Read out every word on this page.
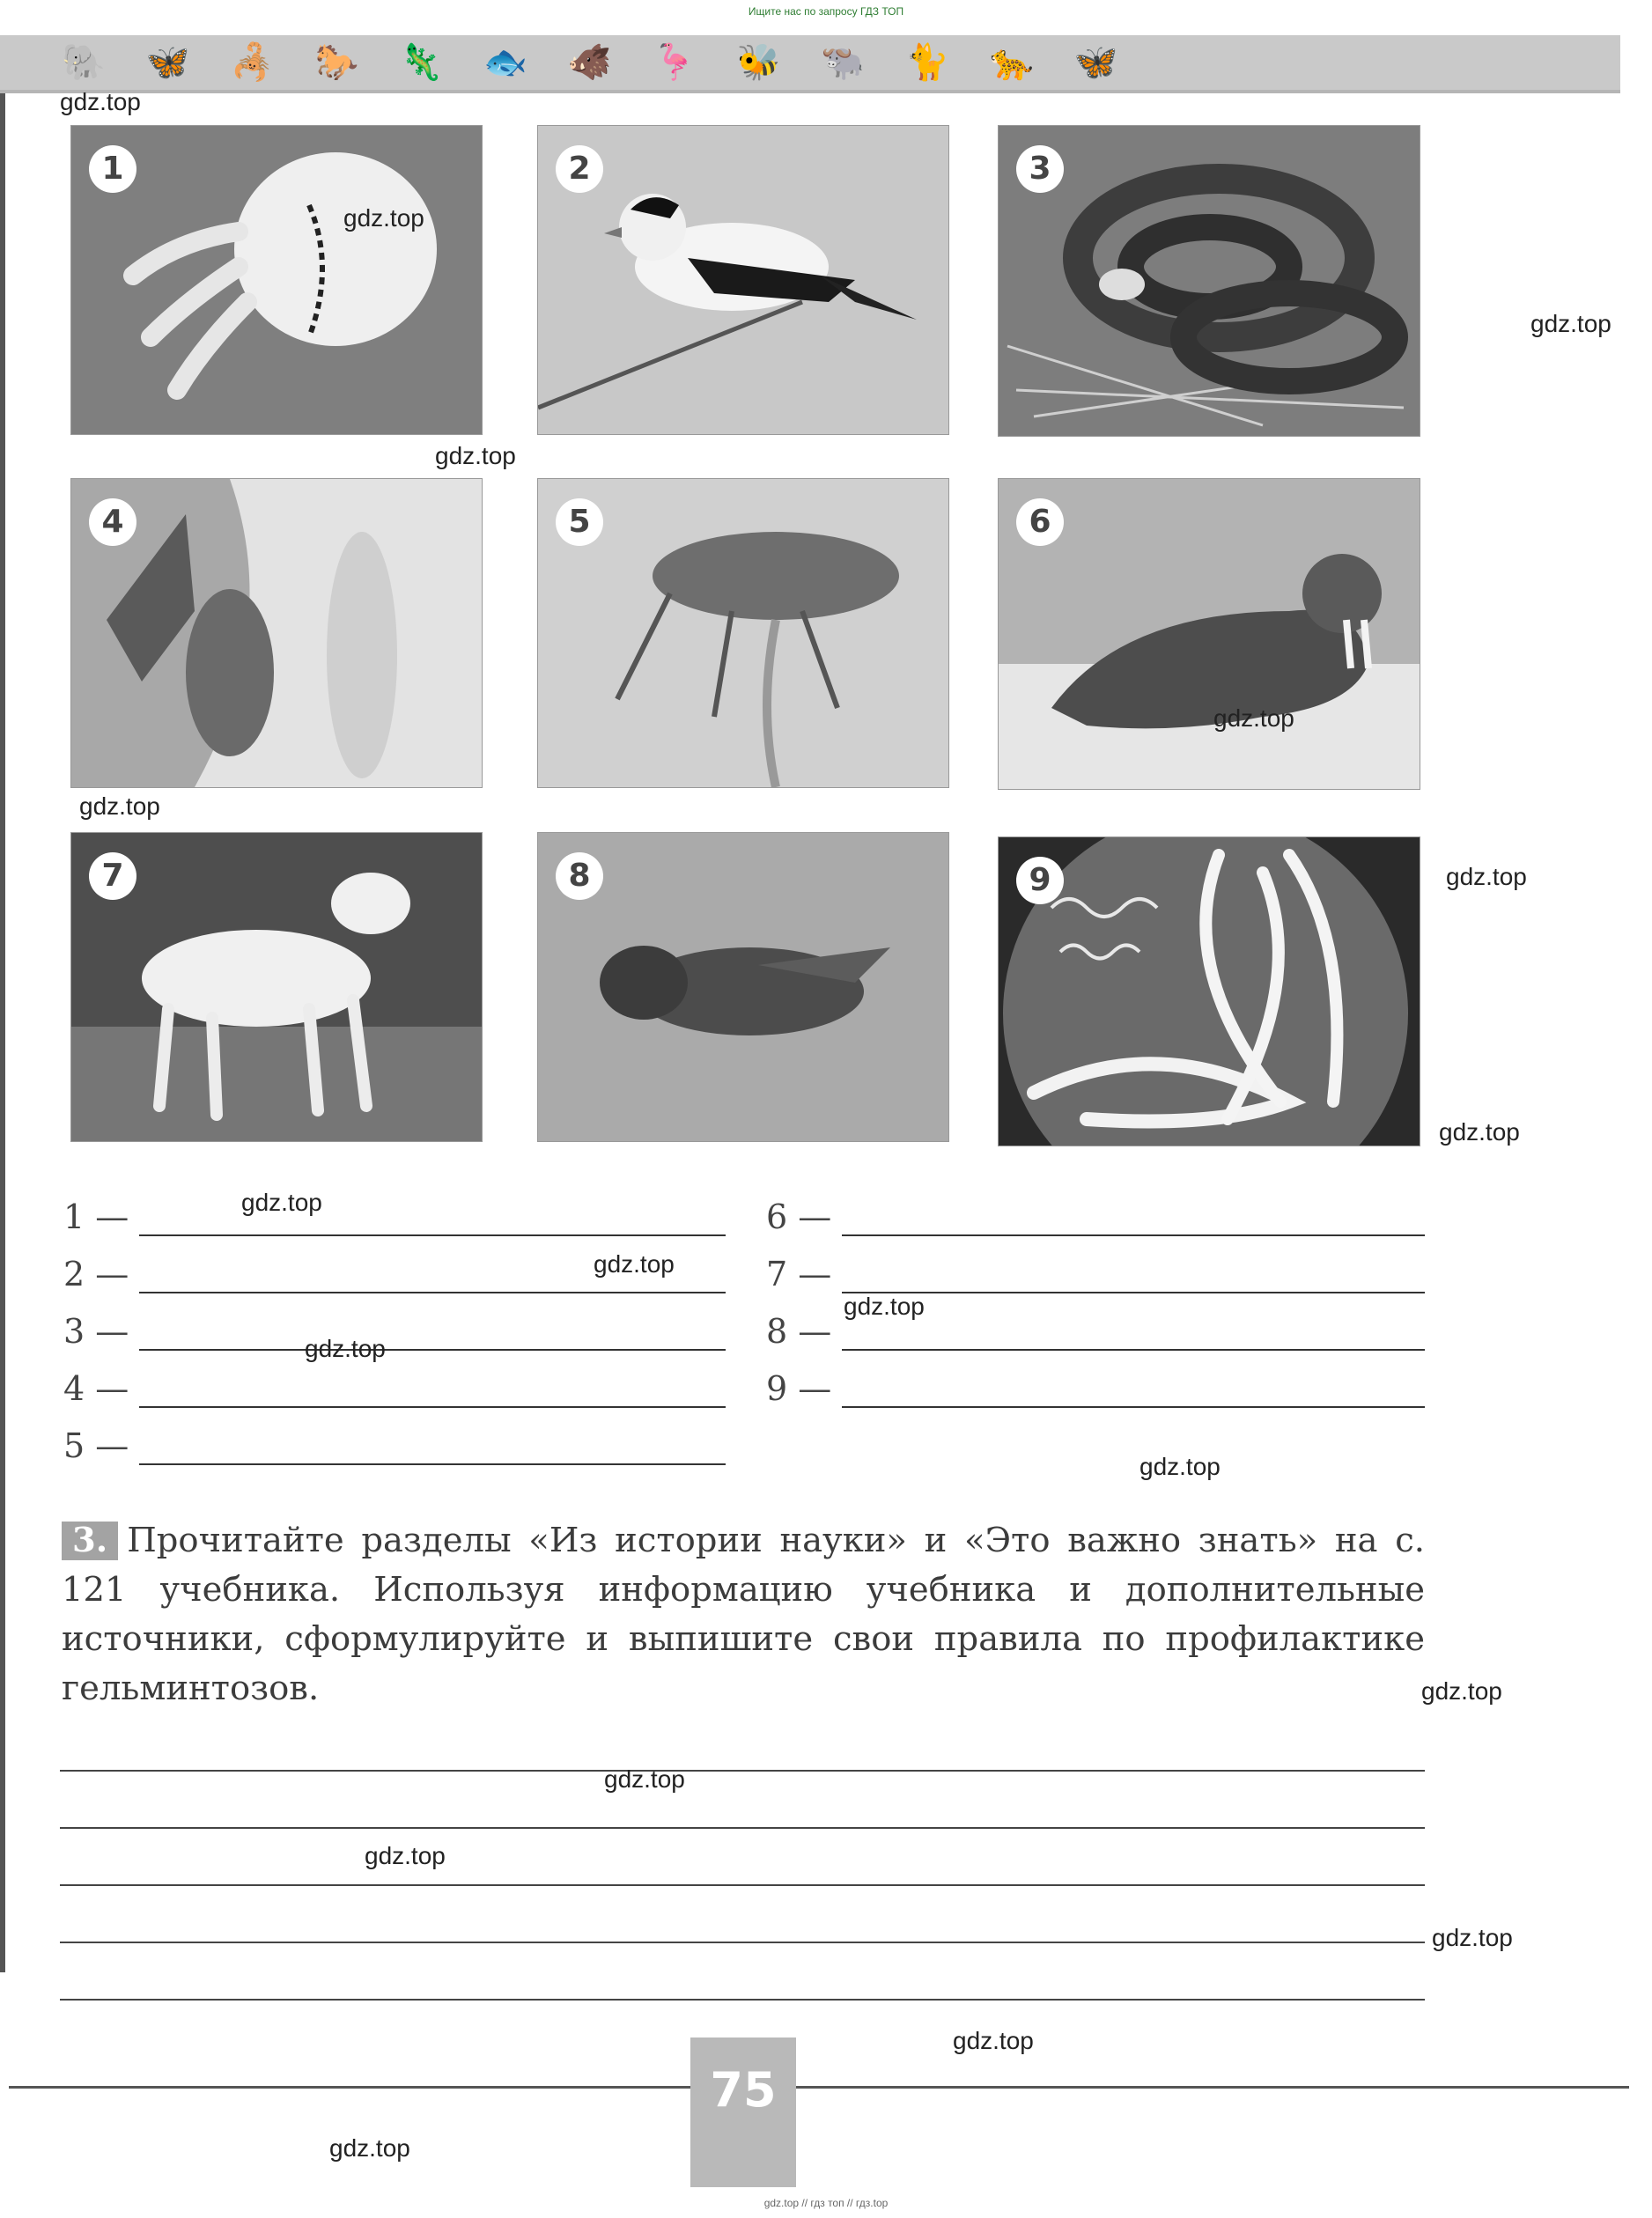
Ищите нас по запросу ГДЗ ТОП
🐘 🦋 🦂 🐎 🦎 🐟 🐗 🦩 🐝 🐃 🐈 🐆 🦋
1	2	3
4	5	6
7	8	9
1 —
2 —
3 —
4 —
5 —
6 —
7 —
8 —
9 —
3. Прочитайте разделы «Из истории науки» и «Это важно знать» на с. 121 учебника. Используя информацию учебника и дополнительные источники, сформулируйте и выпишите свои правила по профилактике гельминтозов.
75
gdz.top
gdz.top
gdz.top
gdz.top
gdz.top
gdz.top
gdz.top
gdz.top
gdz.top
gdz.top
gdz.top
gdz.top
gdz.top
gdz.top
gdz.top
gdz.top
gdz.top
gdz.top
gdz.top
gdz.top // гдз топ // гдз.top
